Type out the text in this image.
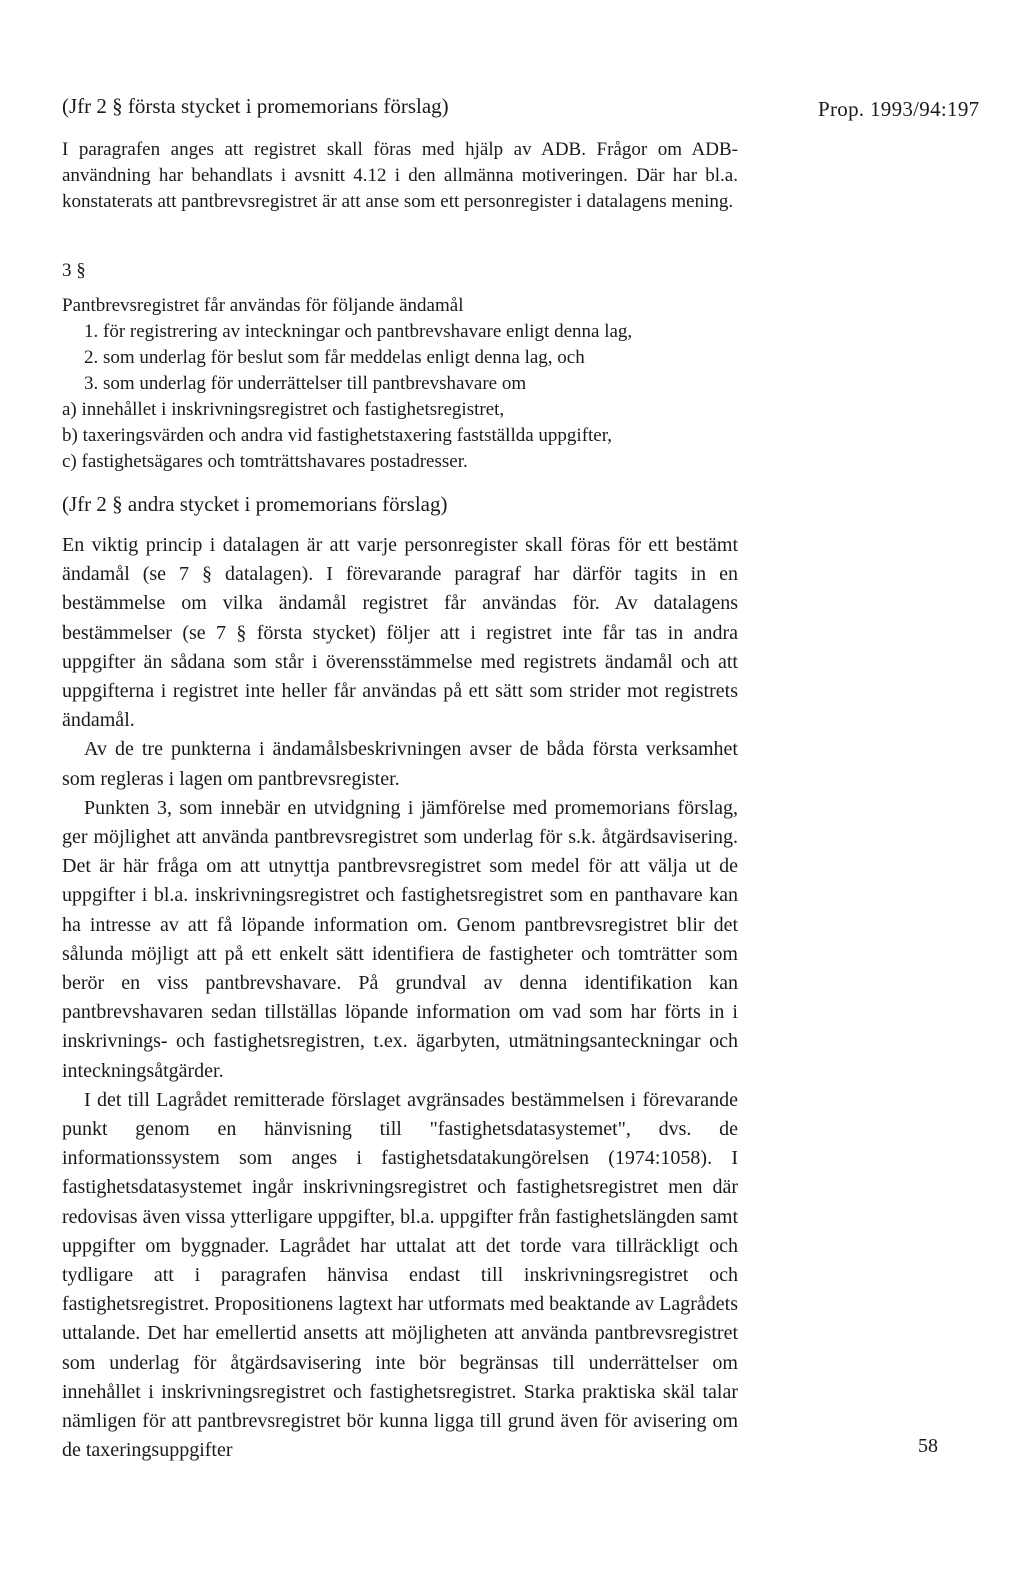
(Jfr 2 § första stycket i promemorians förslag)	Prop. 1993/94:197

I paragrafen anges att registret skall föras med hjälp av ADB. Frågor om ADB-användning har behandlats i avsnitt 4.12 i den allmänna motiveringen. Där har bl.a. konstaterats att pantbrevsregistret är att anse som ett personregister i datalagens mening.

3 §
Pantbrevsregistret får användas för följande ändamål
1. för registrering av inteckningar och pantbrevshavare enligt denna lag,
2. som underlag för beslut som får meddelas enligt denna lag, och
3. som underlag för underrättelser till pantbrevshavare om
a) innehållet i inskrivningsregistret och fastighetsregistret,
b) taxeringsvärden och andra vid fastighetstaxering fastställda uppgifter,
c) fastighetsägares och tomträttshavares postadresser.
(Jfr 2 § andra stycket i promemorians förslag)

En viktig princip i datalagen är att varje personregister skall föras för ett bestämt ändamål (se 7 § datalagen). I förevarande paragraf har därför tagits in en bestämmelse om vilka ändamål registret får användas för. Av datalagens bestämmelser (se 7 § första stycket) följer att i registret inte får tas in andra uppgifter än sådana som står i överensstämmelse med registrets ändamål och att uppgifterna i registret inte heller får användas på ett sätt som strider mot registrets ändamål.

Av de tre punkterna i ändamålsbeskrivningen avser de båda första verksamhet som regleras i lagen om pantbrevsregister.

Punkten 3, som innebär en utvidgning i jämförelse med promemorians förslag, ger möjlighet att använda pantbrevsregistret som underlag för s.k. åtgärdsavisering. Det är här fråga om att utnyttja pantbrevsregistret som medel för att välja ut de uppgifter i bl.a. inskrivningsregistret och fastighetsregistret som en panthavare kan ha intresse av att få löpande information om. Genom pantbrevsregistret blir det sålunda möjligt att på ett enkelt sätt identifiera de fastigheter och tomträtter som berör en viss pantbrevshavare. På grundval av denna identifikation kan pantbrevshavaren sedan tillställas löpande information om vad som har förts in i inskrivnings- och fastighetsregistren, t.ex. ägarbyten, utmätningsanteckningar och inteckningsåtgärder.

I det till Lagrådet remitterade förslaget avgränsades bestämmelsen i förevarande punkt genom en hänvisning till "fastighetsdatasystemet", dvs. de informationssystem som anges i fastighetsdatakungörelsen (1974:1058). I fastighetsdatasystemet ingår inskrivningsregistret och fastighetsregistret men där redovisas även vissa ytterligare uppgifter, bl.a. uppgifter från fastighetslängden samt uppgifter om byggnader. Lagrådet har uttalat att det torde vara tillräckligt och tydligare att i paragrafen hänvisa endast till inskrivningsregistret och fastighetsregistret. Propositionens lagtext har utformats med beaktande av Lagrådets uttalande. Det har emellertid ansetts att möjligheten att använda pantbrevsregistret som underlag för åtgärdsavisering inte bör begränsas till underrättelser om innehållet i inskrivningsregistret och fastighetsregistret. Starka praktiska skäl talar nämligen för att pantbrevsregistret bör kunna ligga till grund även för avisering om de taxeringsuppgifter	58
